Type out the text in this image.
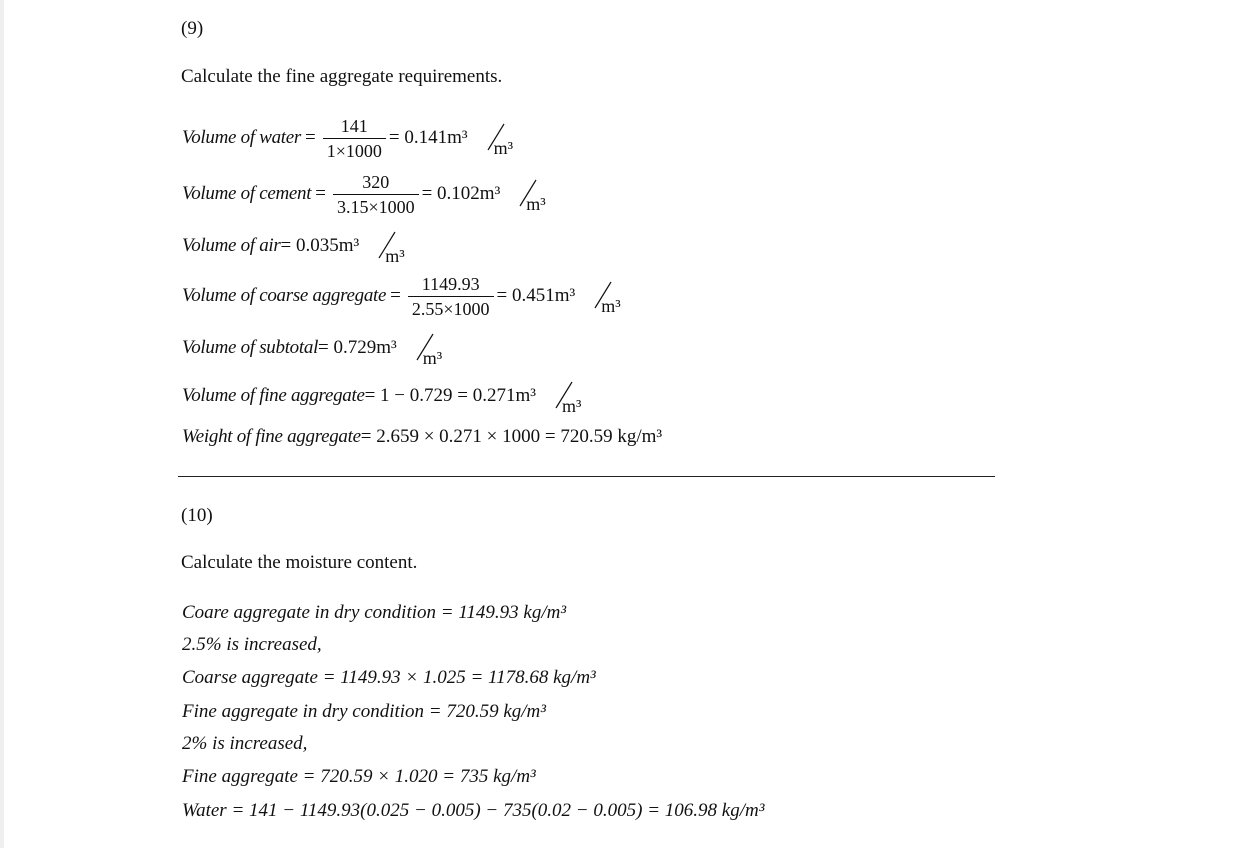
(9)
Calculate the fine aggregate requirements.
Volume of water = $\frac{141}{1\times 1000} = 0.141m^3$ m³
Volume of cement = $\frac{320}{3.15\times 1000} = 0.102m^3$ m³
Volume of air = 0.035m³ m³
Volume of coarse aggregate = $\frac{1149.93}{2.55\times 1000} = 0.451m^3$ m³
Volume of subtotal = 0.729m³ m³
Volume of fine aggregate = 1 − 0.729 = 0.271m³ m³
Weight of fine aggregate = 2.659 × 0.271 × 1000 = 720.59 kg/m³
(10)
Calculate the moisture content.
Coare aggregate in dry condition = 1149.93 kg/m³
2.5% is increased,
Coarse aggregate = 1149.93 × 1.025 = 1178.68 kg/m³
Fine aggregate in dry condition = 720.59 kg/m³
2% is increased,
Fine aggregate = 720.59 × 1.020 = 735 kg/m³
Water = 141 − 1149.93(0.025 − 0.005) − 735(0.02 − 0.005) = 106.98 kg/m³
